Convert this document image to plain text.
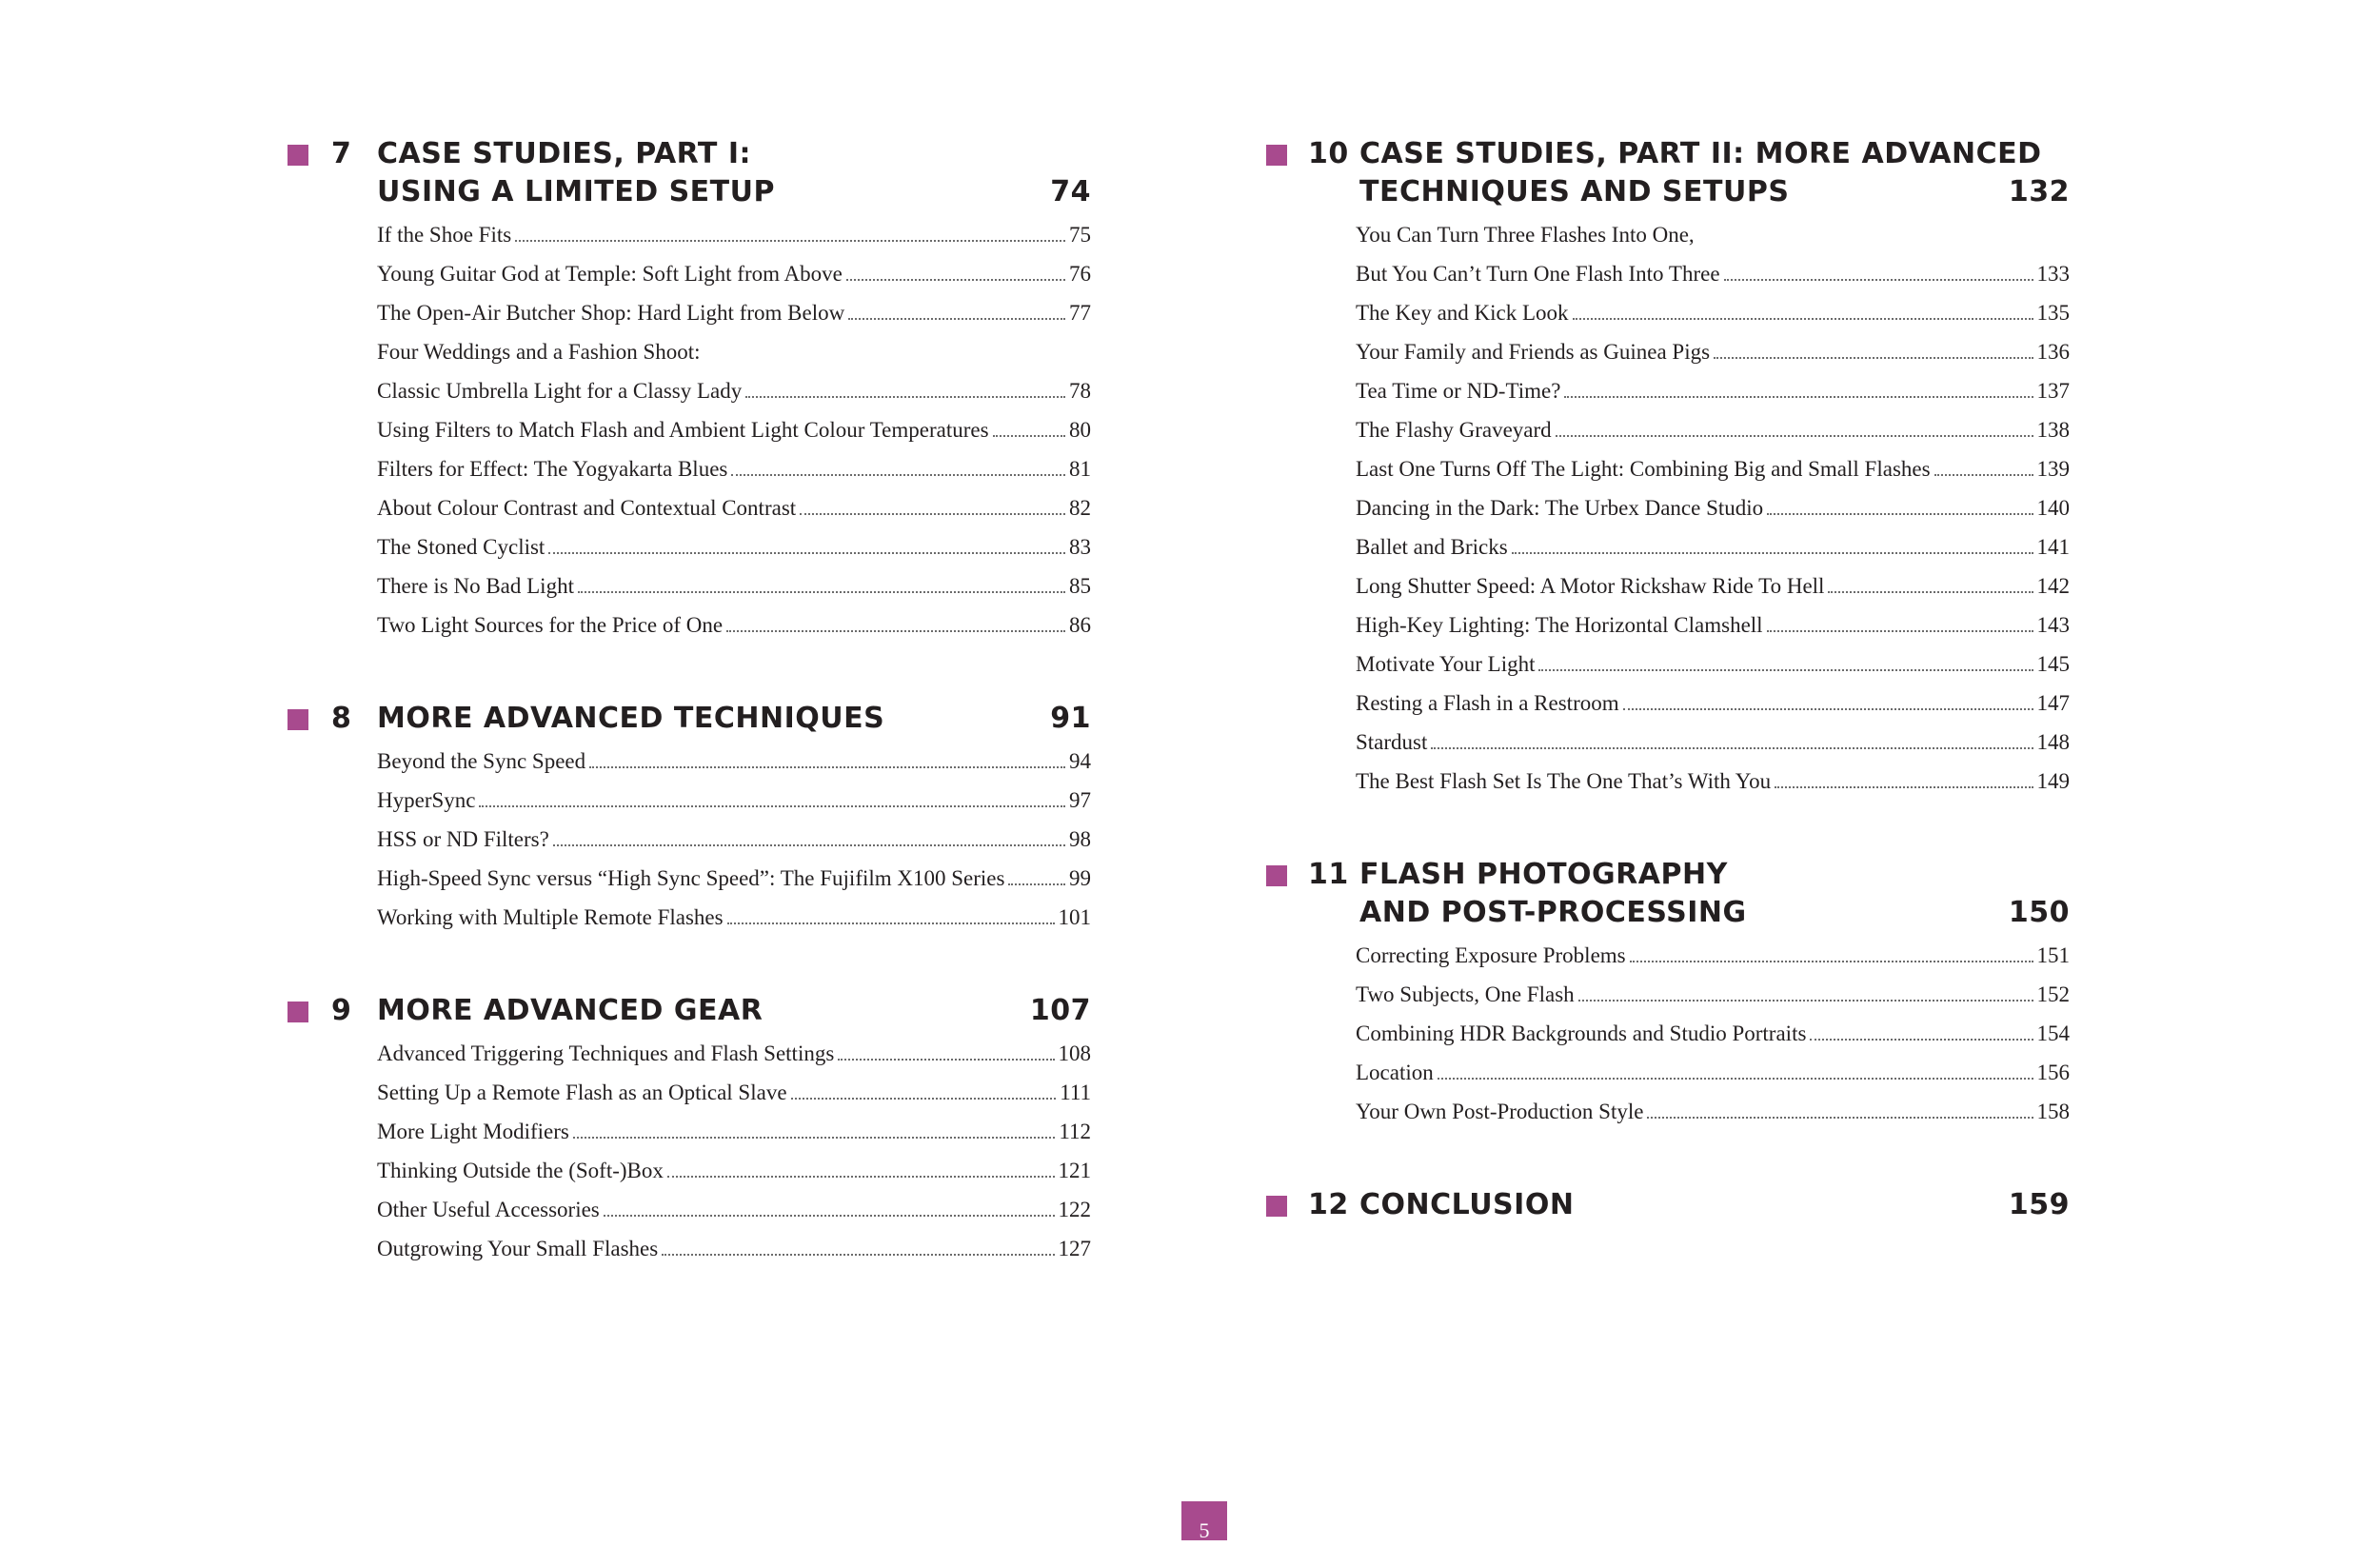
7 CASE STUDIES, PART I:
USING A LIMITED SETUP	74
If the Shoe Fits	75
Young Guitar God at Temple: Soft Light from Above	76
The Open-Air Butcher Shop: Hard Light from Below	77
Four Weddings and a Fashion Shoot:
Classic Umbrella Light for a Classy Lady	78
Using Filters to Match Flash and Ambient Light Colour Temperatures	80
Filters for Effect: The Yogyakarta Blues	81
About Colour Contrast and Contextual Contrast	82
The Stoned Cyclist	83
There is No Bad Light	85
Two Light Sources for the Price of One	86
8 MORE ADVANCED TECHNIQUES	91
Beyond the Sync Speed	94
HyperSync	97
HSS or ND Filters?	98
High-Speed Sync versus “High Sync Speed”: The Fujifilm X100 Series	99
Working with Multiple Remote Flashes	101
9 MORE ADVANCED GEAR	107
Advanced Triggering Techniques and Flash Settings	108
Setting Up a Remote Flash as an Optical Slave	111
More Light Modifiers	112
Thinking Outside the (Soft-)Box	121
Other Useful Accessories	122
Outgrowing Your Small Flashes	127
10 CASE STUDIES, PART II: MORE ADVANCED
TECHNIQUES AND SETUPS	132
You Can Turn Three Flashes Into One,
But You Can’t Turn One Flash Into Three	133
The Key and Kick Look	135
Your Family and Friends as Guinea Pigs	136
Tea Time or ND-Time?	137
The Flashy Graveyard	138
Last One Turns Off The Light: Combining Big and Small Flashes	139
Dancing in the Dark: The Urbex Dance Studio	140
Ballet and Bricks	141
Long Shutter Speed: A Motor Rickshaw Ride To Hell	142
High-Key Lighting: The Horizontal Clamshell	143
Motivate Your Light	145
Resting a Flash in a Restroom	147
Stardust	148
The Best Flash Set Is The One That’s With You	149
11 FLASH PHOTOGRAPHY
AND POST-PROCESSING	150
Correcting Exposure Problems	151
Two Subjects, One Flash	152
Combining HDR Backgrounds and Studio Portraits	154
Location	156
Your Own Post-Production Style	158
12 CONCLUSION	159
5
